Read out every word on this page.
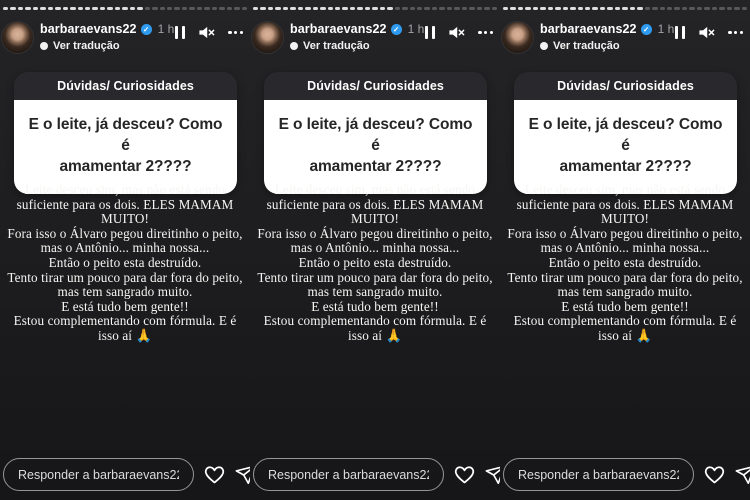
barbaraevans22 ✓ 1 h
Ver tradução
Dúvidas/ Curiosidades
E o leite, já desceu? Como é
amamentar 2????
Leite desceu sim, mas não está sendo
suficiente para os dois. ELES MAMAM
MUITO!
Fora isso o Álvaro pegou direitinho o peito,
mas o Antônio... minha nossa...
Então o peito esta destruído.
Tento tirar um pouco para dar fora do peito,
mas tem sangrado muito.
E está tudo bem gente!!
Estou complementando com fórmula. E é
isso aí 🙏
Responder a barbaraevans22...
barbaraevans22 ✓ 1 h
Ver tradução
Dúvidas/ Curiosidades
E o leite, já desceu? Como é
amamentar 2????
Leite desceu sim, mas não está sendo
suficiente para os dois. ELES MAMAM
MUITO!
Fora isso o Álvaro pegou direitinho o peito,
mas o Antônio... minha nossa...
Então o peito esta destruído.
Tento tirar um pouco para dar fora do peito,
mas tem sangrado muito.
E está tudo bem gente!!
Estou complementando com fórmula. E é
isso aí 🙏
Responder a barbaraevans22...
barbaraevans22 ✓ 1 h
Ver tradução
Dúvidas/ Curiosidades
E o leite, já desceu? Como é
amamentar 2????
Leite desceu sim, mas não está sendo
suficiente para os dois. ELES MAMAM
MUITO!
Fora isso o Álvaro pegou direitinho o peito,
mas o Antônio... minha nossa...
Então o peito esta destruído.
Tento tirar um pouco para dar fora do peito,
mas tem sangrado muito.
E está tudo bem gente!!
Estou complementando com fórmula. E é
isso aí 🙏
Responder a barbaraevans22...
